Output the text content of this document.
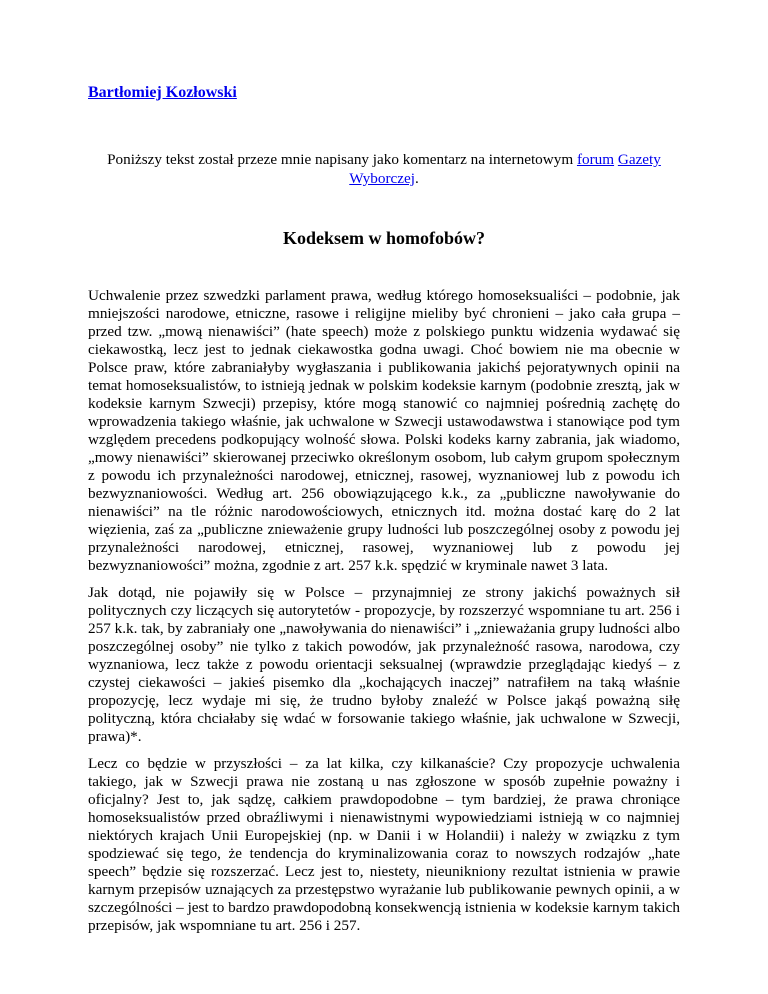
Bartłomiej Kozłowski

Poniższy tekst został przeze mnie napisany jako komentarz na internetowym forum Gazety Wyborczej.

Kodeksem w homofobów?

Uchwalenie przez szwedzki parlament prawa, według którego homoseksualiści – podobnie, jak mniejszości narodowe, etniczne, rasowe i religijne mieliby być chronieni – jako cała grupa – przed tzw. „mową nienawiści” (hate speech) może z polskiego punktu widzenia wydawać się ciekawostką, lecz jest to jednak ciekawostka godna uwagi. Choć bowiem nie ma obecnie w Polsce praw, które zabraniałyby wygłaszania i publikowania jakichś pejoratywnych opinii na temat homoseksualistów, to istnieją jednak w polskim kodeksie karnym (podobnie zresztą, jak w kodeksie karnym Szwecji) przepisy, które mogą stanowić co najmniej pośrednią zachętę do wprowadzenia takiego właśnie, jak uchwalone w Szwecji ustawodawstwa i stanowiące pod tym względem precedens podkopujący wolność słowa. Polski kodeks karny zabrania, jak wiadomo, „mowy nienawiści” skierowanej przeciwko określonym osobom, lub całym grupom społecznym z powodu ich przynależności narodowej, etnicznej, rasowej, wyznaniowej lub z powodu ich bezwyznaniowości. Według art. 256 obowiązującego k.k., za „publiczne nawoływanie do nienawiści” na tle różnic narodowościowych, etnicznych itd. można dostać karę do 2 lat więzienia, zaś za „publiczne znieważenie grupy ludności lub poszczególnej osoby z powodu jej przynależności narodowej, etnicznej, rasowej, wyznaniowej lub z powodu jej bezwyznaniowości” można, zgodnie z art. 257 k.k. spędzić w kryminale nawet 3 lata.

Jak dotąd, nie pojawiły się w Polsce – przynajmniej ze strony jakichś poważnych sił politycznych czy liczących się autorytetów - propozycje, by rozszerzyć wspomniane tu art. 256 i 257 k.k. tak, by zabraniały one „nawoływania do nienawiści” i „znieważania grupy ludności albo poszczególnej osoby” nie tylko z takich powodów, jak przynależność rasowa, narodowa, czy wyznaniowa, lecz także z powodu orientacji seksualnej (wprawdzie przeglądając kiedyś – z czystej ciekawości – jakieś pisemko dla „kochających inaczej” natrafiłem na taką właśnie propozycję, lecz wydaje mi się, że trudno byłoby znaleźć w Polsce jakąś poważną siłę polityczną, która chciałaby się wdać w forsowanie takiego właśnie, jak uchwalone w Szwecji, prawa)*.

Lecz co będzie w przyszłości – za lat kilka, czy kilkanaście? Czy propozycje uchwalenia takiego, jak w Szwecji prawa nie zostaną u nas zgłoszone w sposób zupełnie poważny i oficjalny? Jest to, jak sądzę, całkiem prawdopodobne – tym bardziej, że prawa chroniące homoseksualistów przed obraźliwymi i nienawistnymi wypowiedziami istnieją w co najmniej niektórych krajach Unii Europejskiej (np. w Danii i w Holandii) i należy w związku z tym spodziewać się tego, że tendencja do kryminalizowania coraz to nowszych rodzajów „hate speech” będzie się rozszerzać. Lecz jest to, niestety, nieunikniony rezultat istnienia w prawie karnym przepisów uznających za przestępstwo wyrażanie lub publikowanie pewnych opinii, a w szczególności – jest to bardzo prawdopodobną konsekwencją istnienia w kodeksie karnym takich przepisów, jak wspomniane tu art. 256 i 257.
